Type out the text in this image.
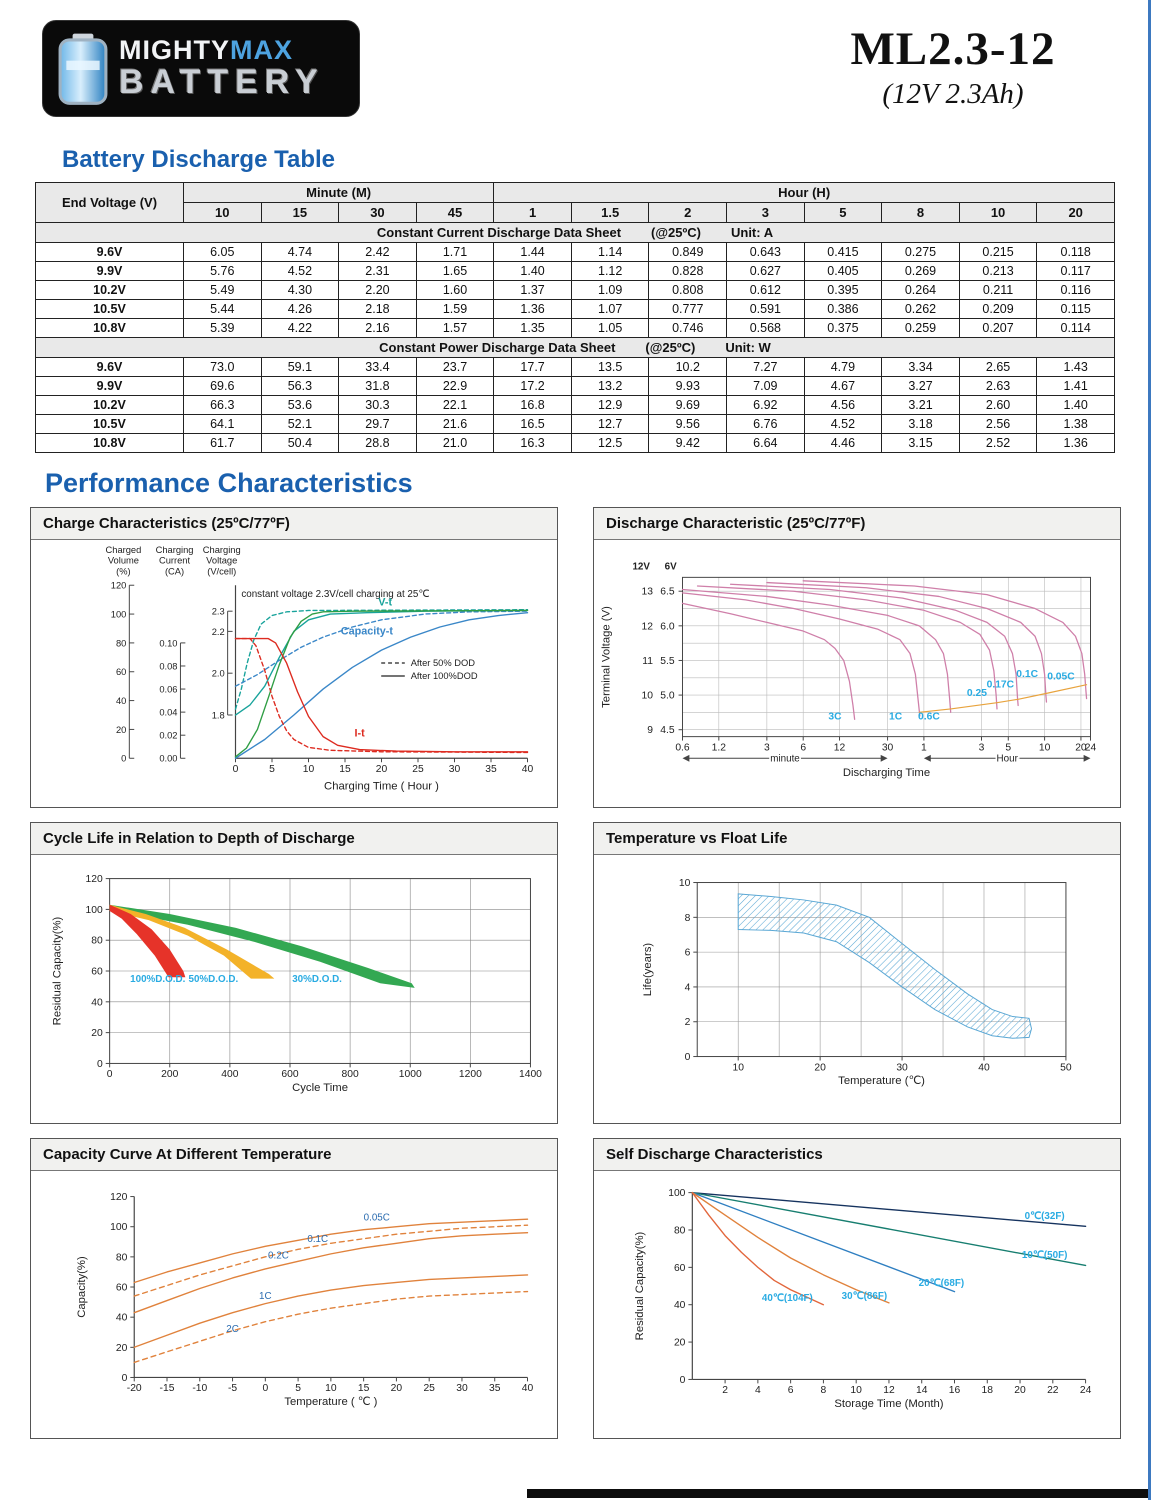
MIGHTYMAX
BATTERY
ML2.3-12
(12V 2.3Ah)
Battery Discharge Table
End Voltage (V)	Minute (M)				Hour (H)							
	10	15	30	45	1	1.5	2	3	5	8	10	20
Constant Current Discharge Data Sheet (@25ºC) Unit: A												
9.6V	6.05	4.74	2.42	1.71	1.44	1.14	0.849	0.643	0.415	0.275	0.215	0.118
9.9V	5.76	4.52	2.31	1.65	1.40	1.12	0.828	0.627	0.405	0.269	0.213	0.117
10.2V	5.49	4.30	2.20	1.60	1.37	1.09	0.808	0.612	0.395	0.264	0.211	0.116
10.5V	5.44	4.26	2.18	1.59	1.36	1.07	0.777	0.591	0.386	0.262	0.209	0.115
10.8V	5.39	4.22	2.16	1.57	1.35	1.05	0.746	0.568	0.375	0.259	0.207	0.114
Constant Power Discharge Data Sheet (@25ºC) Unit: W												
9.6V	73.0	59.1	33.4	23.7	17.7	13.5	10.2	7.27	4.79	3.34	2.65	1.43
9.9V	69.6	56.3	31.8	22.9	17.2	13.2	9.93	7.09	4.67	3.27	2.63	1.41
10.2V	66.3	53.6	30.3	22.1	16.8	12.9	9.69	6.92	4.56	3.21	2.60	1.40
10.5V	64.1	52.1	29.7	21.6	16.5	12.7	9.56	6.76	4.52	3.18	2.56	1.38
10.8V	61.7	50.4	28.8	21.0	16.3	12.5	9.42	6.64	4.46	3.15	2.52	1.36
Performance Characteristics
Charge Characteristics (25ºC/77ºF)
0	5	10 15 20 25 30 35 40
120
100
80
60
40
20
0
Charged
Volume
(%)
0.10
0.08
0.06
0.04
0.02
0.00
Charging
Current
(CA)
2.3
2.2
2.0
1.8
Charging
Voltage
(V/cell)
constant voltage 2.3V/cell charging at 25℃
V-t
Capacity-t
I-t
After 50% DOD
After 100%DOD
Charging Time ( Hour )
Discharge Characteristic (25ºC/77ºF)
0.6 1.2	3	6	12	30	1	3 5	10 20
24
13
12
11
10
9
6.5
6.0
5.5
5.0
4.5
minute	Hour
3C	1C 0.6C
0.25
0.17C
0.1C 0.05C
12V 6V
Discharging Time
Terminal Voltage (V)
Cycle Life in Relation to Depth of Discharge
0	200	400	600	800	1000	1200	1400
0
20
40
60
80
100
120
100%D.O.D. 50%D.O.D.	30%D.O.D.
Cycle Time
Residual Capacity(%)
Temperature vs Float Life
10	20	30	40	50
0
2
4
6
8
10
Temperature (℃)
Life(years)
Capacity Curve At Different Temperature
-20 -15 -10 -5 0	5 10 15 20 25 30 35 40
0
20
40
60
80
100
120
0.05C
0.1C
0.2C
1C
2C
Temperature ( ℃ )
Capacity(%)
Self Discharge Characteristics
2	4	6	8 10 12 14 16 18 20 22 24
0
20
40
60
80
100
0℃(32F)
10℃(50F)
20℃(68F)
30℃(86F)
40℃(104F)
Storage Time (Month)
Residual Capacity(%)
